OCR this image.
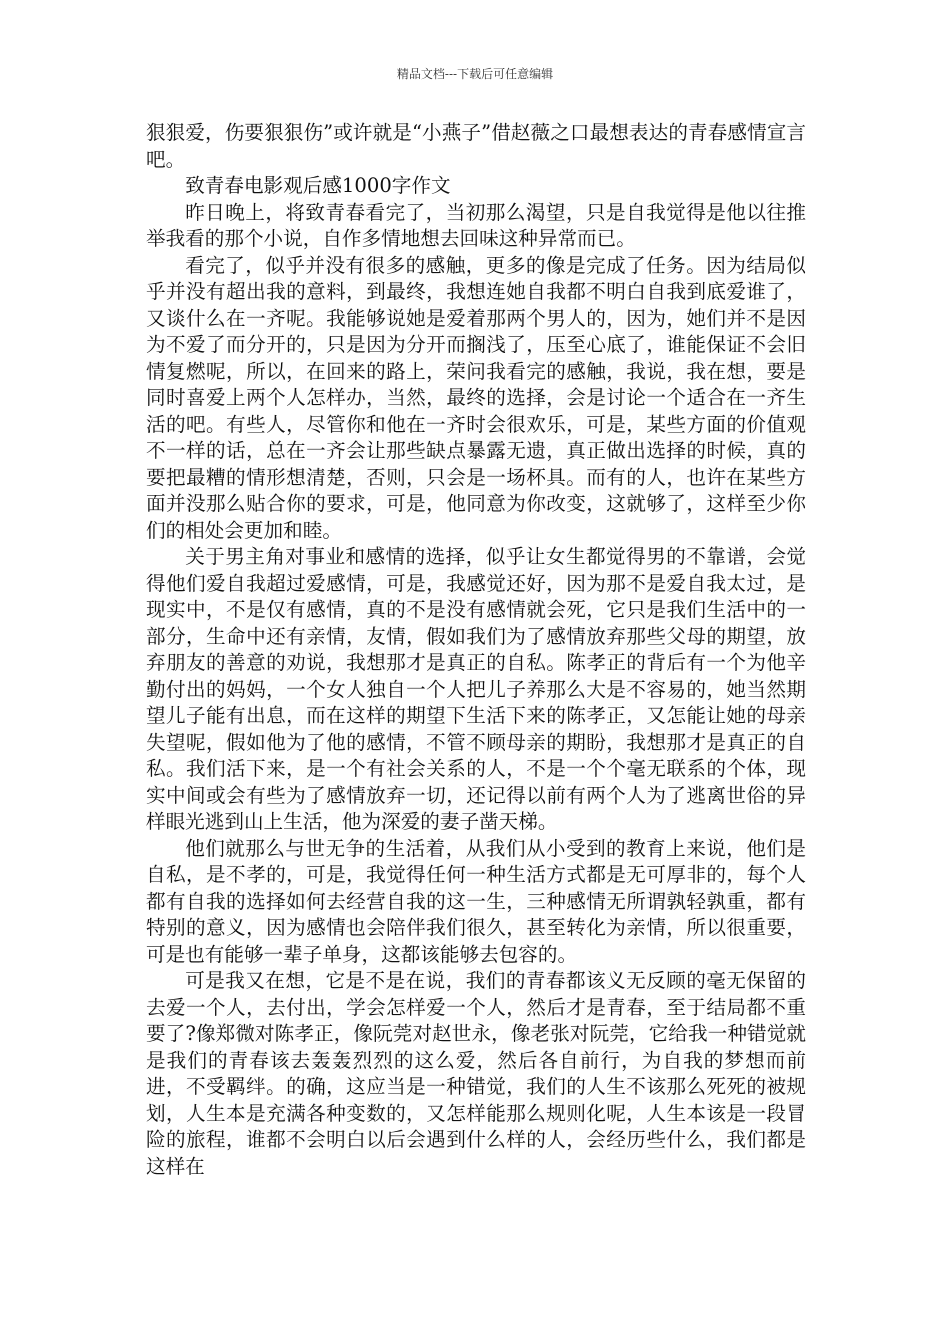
精品文档---下载后可任意编辑

狠狠爱，伤要狠狠伤”或许就是“小燕子”借赵薇之口最想表达的青春感情宣言吧。

致青春电影观后感1000字作文

昨日晚上，将致青春看完了，当初那么渴望，只是自我觉得是他以往推举我看的那个小说，自作多情地想去回味这种异常而已。

看完了，似乎并没有很多的感触，更多的像是完成了任务。因为结局似乎并没有超出我的意料，到最终，我想连她自我都不明白自我到底爱谁了，又谈什么在一齐呢。我能够说她是爱着那两个男人的，因为，她们并不是因为不爱了而分开的，只是因为分开而搁浅了，压至心底了，谁能保证不会旧情复燃呢，所以，在回来的路上，荣问我看完的感触，我说，我在想，要是同时喜爱上两个人怎样办，当然，最终的选择，会是讨论一个适合在一齐生活的吧。有些人，尽管你和他在一齐时会很欢乐，可是，某些方面的价值观不一样的话，总在一齐会让那些缺点暴露无遗，真正做出选择的时候，真的要把最糟的情形想清楚，否则，只会是一场杯具。而有的人，也许在某些方面并没那么贴合你的要求，可是，他同意为你改变，这就够了，这样至少你们的相处会更加和睦。

关于男主角对事业和感情的选择，似乎让女生都觉得男的不靠谱，会觉得他们爱自我超过爱感情，可是，我感觉还好，因为那不是爱自我太过，是现实中，不是仅有感情，真的不是没有感情就会死，它只是我们生活中的一部分，生命中还有亲情，友情，假如我们为了感情放弃那些父母的期望，放弃朋友的善意的劝说，我想那才是真正的自私。陈孝正的背后有一个为他辛勤付出的妈妈，一个女人独自一个人把儿子养那么大是不容易的，她当然期望儿子能有出息，而在这样的期望下生活下来的陈孝正，又怎能让她的母亲失望呢，假如他为了他的感情，不管不顾母亲的期盼，我想那才是真正的自私。我们活下来，是一个有社会关系的人，不是一个个毫无联系的个体，现实中间或会有些为了感情放弃一切，还记得以前有两个人为了逃离世俗的异样眼光逃到山上生活，他为深爱的妻子凿天梯。

他们就那么与世无争的生活着，从我们从小受到的教育上来说，他们是自私，是不孝的，可是，我觉得任何一种生活方式都是无可厚非的，每个人都有自我的选择如何去经营自我的这一生，三种感情无所谓孰轻孰重，都有特别的意义，因为感情也会陪伴我们很久，甚至转化为亲情，所以很重要，可是也有能够一辈子单身，这都该能够去包容的。

可是我又在想，它是不是在说，我们的青春都该义无反顾的毫无保留的去爱一个人，去付出，学会怎样爱一个人，然后才是青春，至于结局都不重要了?像郑微对陈孝正，像阮莞对赵世永，像老张对阮莞，它给我一种错觉就是我们的青春该去轰轰烈烈的这么爱，然后各自前行，为自我的梦想而前进，不受羁绊。的确，这应当是一种错觉，我们的人生不该那么死死的被规划，人生本是充满各种变数的，又怎样能那么规则化呢，人生本该是一段冒险的旅程，谁都不会明白以后会遇到什么样的人，会经历些什么，我们都是这样在
